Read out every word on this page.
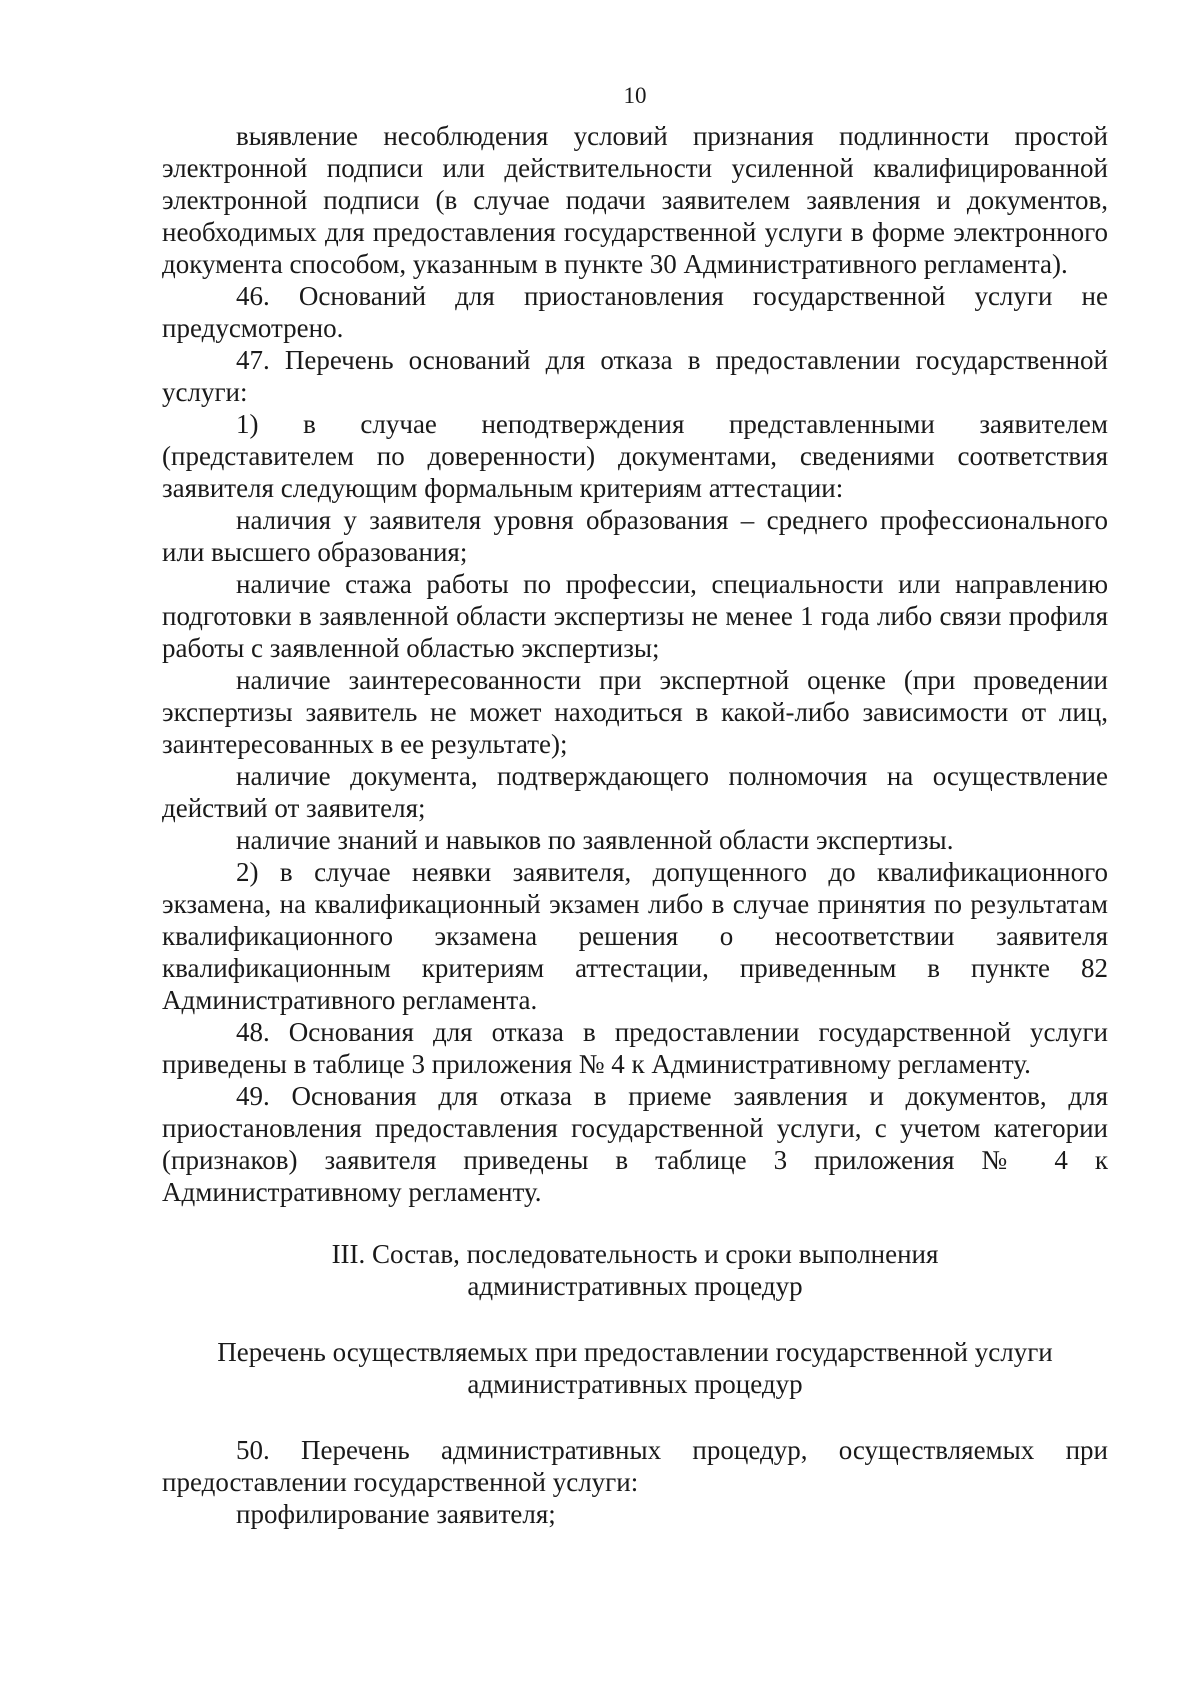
10

выявление несоблюдения условий признания подлинности простой электронной подписи или действительности усиленной квалифицированной электронной подписи (в случае подачи заявителем заявления и документов, необходимых для предоставления государственной услуги в форме электронного документа способом, указанным в пункте 30 Административного регламента).

46. Оснований для приостановления государственной услуги не предусмотрено.

47. Перечень оснований для отказа в предоставлении государственной услуги:

1) в случае неподтверждения представленными заявителем (представителем по доверенности) документами, сведениями соответствия заявителя следующим формальным критериям аттестации:

наличия у заявителя уровня образования – среднего профессионального или высшего образования;

наличие стажа работы по профессии, специальности или направлению подготовки в заявленной области экспертизы не менее 1 года либо связи профиля работы с заявленной областью экспертизы;

наличие заинтересованности при экспертной оценке (при проведении экспертизы заявитель не может находиться в какой-либо зависимости от лиц, заинтересованных в ее результате);

наличие документа, подтверждающего полномочия на осуществление действий от заявителя;

наличие знаний и навыков по заявленной области экспертизы.

2) в случае неявки заявителя, допущенного до квалификационного экзамена, на квалификационный экзамен либо в случае принятия по результатам квалификационного экзамена решения о несоответствии заявителя квалификационным критериям аттестации, приведенным в пункте 82 Административного регламента.

48. Основания для отказа в предоставлении государственной услуги приведены в таблице 3 приложения № 4 к Административному регламенту.

49. Основания для отказа в приеме заявления и документов, для приостановления предоставления государственной услуги, с учетом категории (признаков) заявителя приведены в таблице 3 приложения № 4 к Административному регламенту.

III. Состав, последовательность и сроки выполнения
административных процедур
Перечень осуществляемых при предоставлении государственной услуги
административных процедур

50. Перечень административных процедур, осуществляемых при предоставлении государственной услуги:

профилирование заявителя;
